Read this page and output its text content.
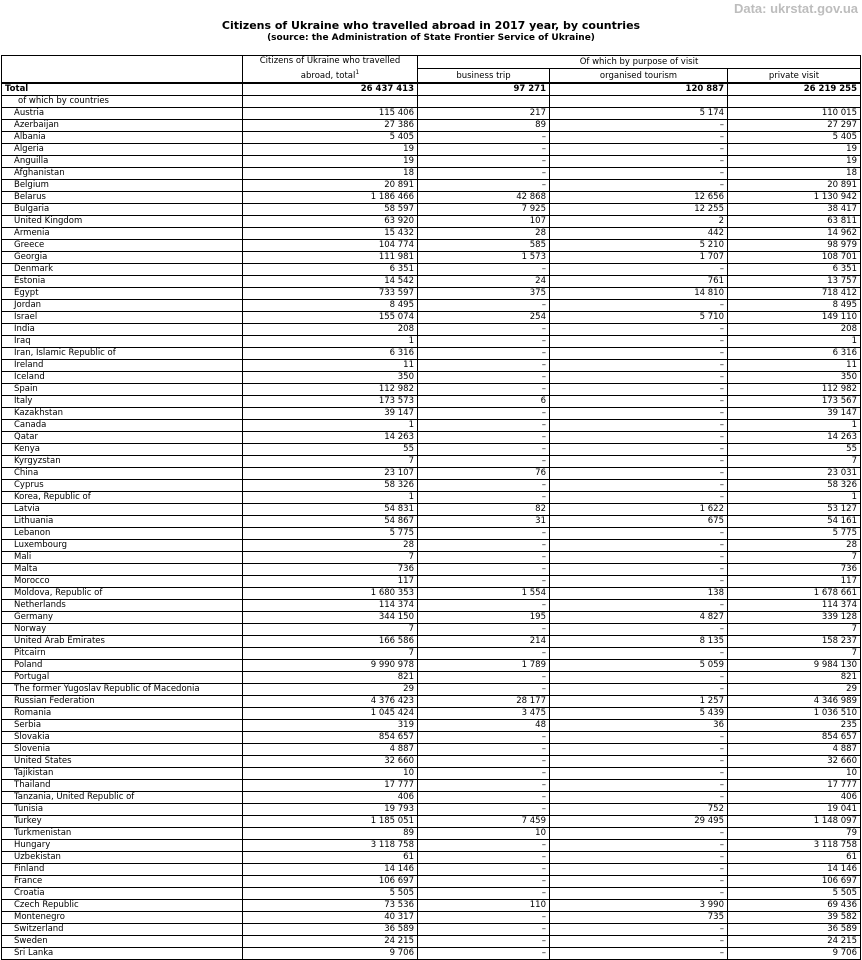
Data: ukrstat.gov.ua
Citizens of Ukraine who travelled abroad in 2017 year, by countries
(source: the Administration of State Frontier Service of Ukraine)
	Citizens of Ukraine who travelled
abroad, total$^1$	Of which by purpose of visit		
		business trip	organised tourism	private visit
Total	26 437 413	97 271	120 887	26 219 255
of which by countries				
Austria	115 406	217	5 174	110 015
Azerbaijan	27 386	89	–	27 297
Albania	5 405	–	–	5 405
Algeria	19	–	–	19
Anguilla	19	–	–	19
Afghanistan	18	–	–	18
Belgium	20 891	–	–	20 891
Belarus	1 186 466	42 868	12 656	1 130 942
Bulgaria	58 597	7 925	12 255	38 417
United Kingdom	63 920	107	2	63 811
Armenia	15 432	28	442	14 962
Greece	104 774	585	5 210	98 979
Georgia	111 981	1 573	1 707	108 701
Denmark	6 351	–	–	6 351
Estonia	14 542	24	761	13 757
Egypt	733 597	375	14 810	718 412
Jordan	8 495	–	–	8 495
Israel	155 074	254	5 710	149 110
India	208	–	–	208
Iraq	1	–	–	1
Iran, Islamic Republic of	6 316	–	–	6 316
Ireland	11	–	–	11
Iceland	350	–	–	350
Spain	112 982	–	–	112 982
Italy	173 573	6	–	173 567
Kazakhstan	39 147	–	–	39 147
Canada	1	–	–	1
Qatar	14 263	–	–	14 263
Kenya	55	–	–	55
Kyrgyzstan	7	–	–	7
China	23 107	76	–	23 031
Cyprus	58 326	–	–	58 326
Korea, Republic of	1	–	–	1
Latvia	54 831	82	1 622	53 127
Lithuania	54 867	31	675	54 161
Lebanon	5 775	–	–	5 775
Luxembourg	28	–	–	28
Mali	7	–	–	7
Malta	736	–	–	736
Morocco	117	–	–	117
Moldova, Republic of	1 680 353	1 554	138	1 678 661
Netherlands	114 374	–	–	114 374
Germany	344 150	195	4 827	339 128
Norway	7	–	–	7
United Arab Emirates	166 586	214	8 135	158 237
Pitcairn	7	–	–	7
Poland	9 990 978	1 789	5 059	9 984 130
Portugal	821	–	–	821
The former Yugoslav Republic of Macedonia	29	–	–	29
Russian Federation	4 376 423	28 177	1 257	4 346 989
Romania	1 045 424	3 475	5 439	1 036 510
Serbia	319	48	36	235
Slovakia	854 657	–	–	854 657
Slovenia	4 887	–	–	4 887
United States	32 660	–	–	32 660
Tajikistan	10	–	–	10
Thailand	17 777	–	–	17 777
Tanzania, United Republic of	406	–	–	406
Tunisia	19 793	–	752	19 041
Turkey	1 185 051	7 459	29 495	1 148 097
Turkmenistan	89	10	–	79
Hungary	3 118 758	–	–	3 118 758
Uzbekistan	61	–	–	61
Finland	14 146	–	–	14 146
France	106 697	–	–	106 697
Croatia	5 505	–	–	5 505
Czech Republic	73 536	110	3 990	69 436
Montenegro	40 317	–	735	39 582
Switzerland	36 589	–	–	36 589
Sweden	24 215	–	–	24 215
Sri Lanka	9 706	–	–	9 706
